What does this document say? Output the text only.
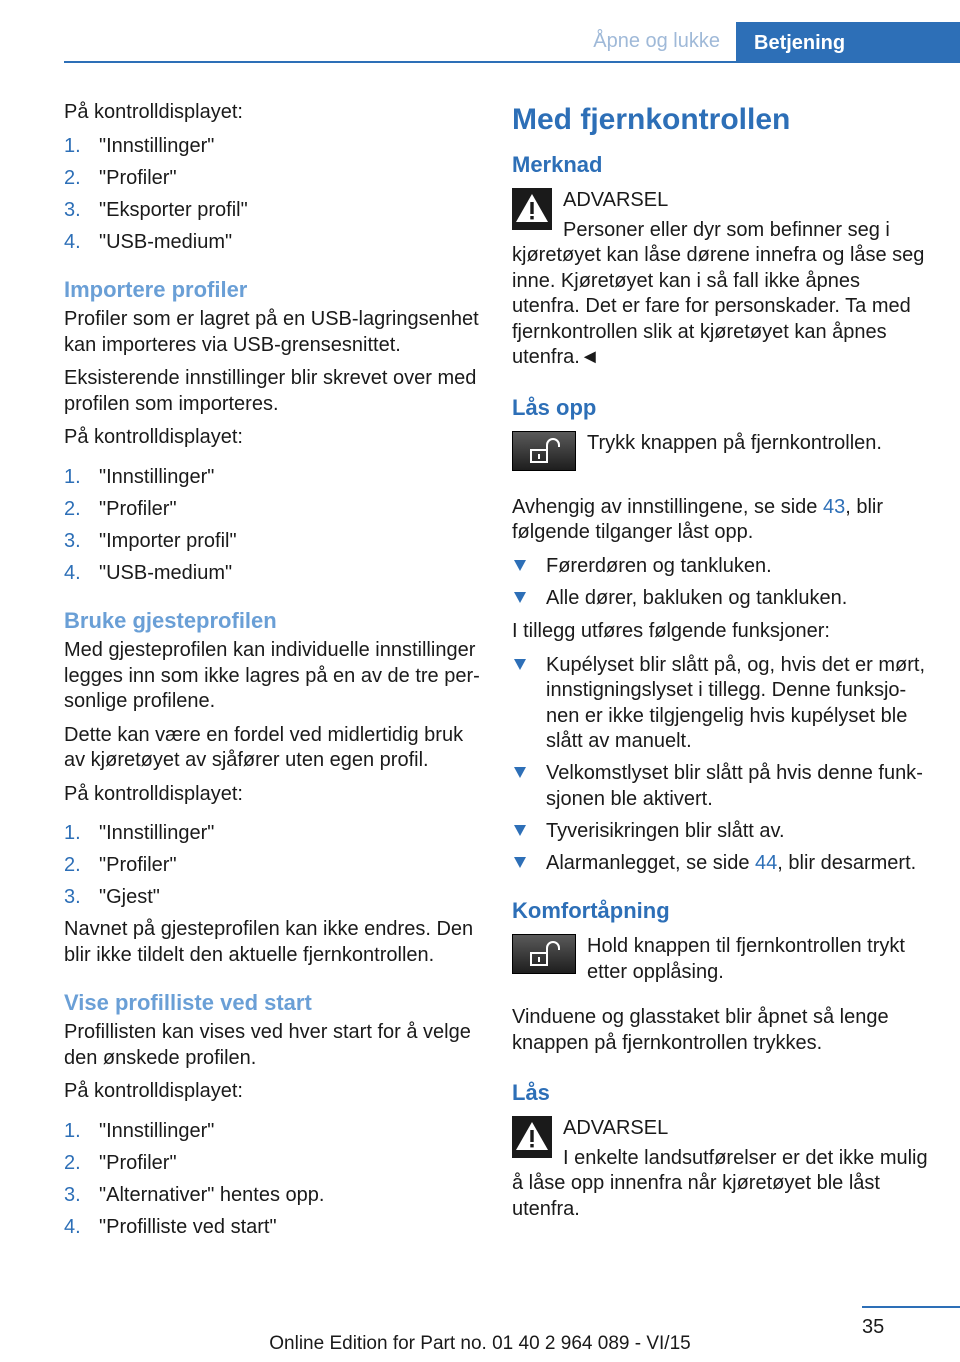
Åpne og lukke	Betjening

På kontrolldisplayet:

1. "Innstillinger"
2. "Profiler"
3. "Eksporter profil"
4. "USB-medium"
Importere profiler

Profiler som er lagret på en USB-lagringsenhet kan importeres via USB-grensesnittet.

Eksisterende innstillinger blir skrevet over med profilen som importeres.

På kontrolldisplayet:

1. "Innstillinger"
2. "Profiler"
3. "Importer profil"
4. "USB-medium"
Bruke gjesteprofilen

Med gjesteprofilen kan individuelle innstillinger legges inn som ikke lagres på en av de tre personlige profilene.

Dette kan være en fordel ved midlertidig bruk av kjøretøyet av sjåfører uten egen profil.

På kontrolldisplayet:

1. "Innstillinger"
2. "Profiler"
3. "Gjest"

Navnet på gjesteprofilen kan ikke endres. Den blir ikke tildelt den aktuelle fjernkontrollen.

Vise profilliste ved start

Profillisten kan vises ved hver start for å velge den ønskede profilen.

På kontrolldisplayet:

1. "Innstillinger"
2. "Profiler"
3. "Alternativer" hentes opp.
4. "Profilliste ved start"
Med fjernkontrollen
Merknad

ADVARSEL

Personer eller dyr som befinner seg i kjøretøyet kan låse dørene innefra og låse seg inne. Kjøretøyet kan i så fall ikke åpnes utenfra. Det er fare for personskader. Ta med fjernkontrollen slik at kjøretøyet kan åpnes utenfra.◄

Lås opp

Trykk knappen på fjernkontrollen.

Avhengig av innstillingene, se side 43, blir følgende tilganger låst opp.

Førerdøren og tankluken.
Alle dører, bakluken og tankluken.

I tillegg utføres følgende funksjoner:

Kupélyset blir slått på, og, hvis det er mørt, innstigningslyset i tillegg. Denne funksjonen er ikke tilgjengelig hvis kupélyset ble slått av manuelt.
Velkomstlyset blir slått på hvis denne funksjonen ble aktivert.
Tyverisikringen blir slått av.
Alarmanlegget, se side 44, blir desarmert.
Komfortåpning

Hold knappen til fjernkontrollen trykt etter opplåsing.

Vinduene og glasstaket blir åpnet så lenge knappen på fjernkontrollen trykkes.

Lås

ADVARSEL

I enkelte landsutførelser er det ikke mulig å låse opp innenfra når kjøretøyet ble låst utenfra.

35
Online Edition for Part no. 01 40 2 964 089 - VI/15
